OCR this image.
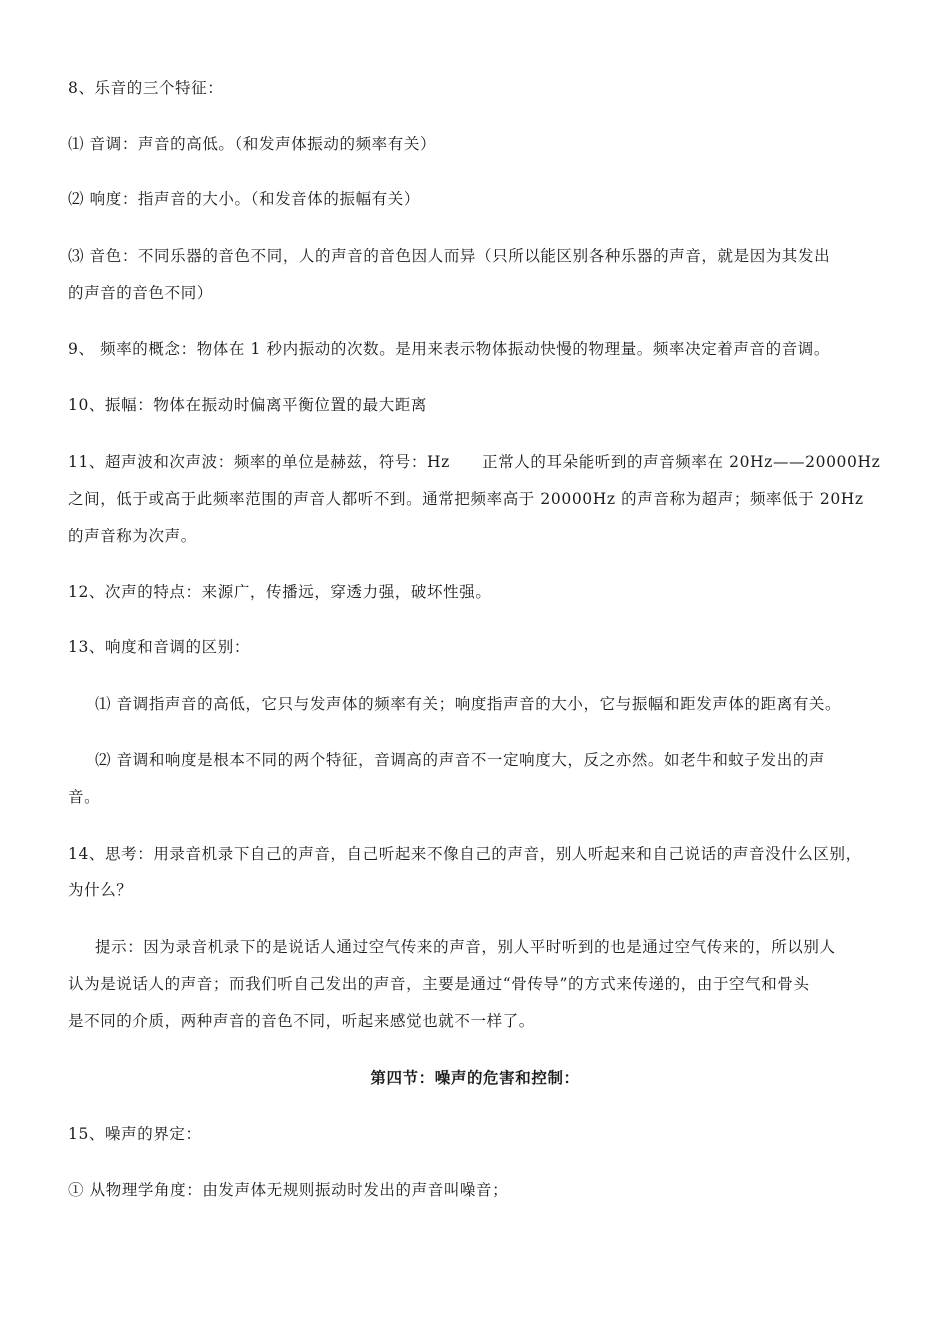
8、乐音的三个特征：
⑴ 音调：声音的高低。（和发声体振动的频率有关）
⑵ 响度：指声音的大小。（和发音体的振幅有关）
⑶ 音色：不同乐器的音色不同，人的声音的音色因人而异（只所以能区别各种乐器的声音，就是因为其发出
的声音的音色不同）
9、 频率的概念：物体在 1 秒内振动的次数。是用来表示物体振动快慢的物理量。频率决定着声音的音调。
10、振幅：物体在振动时偏离平衡位置的最大距离
11、超声波和次声波：频率的单位是赫兹，符号：Hz　　正常人的耳朵能听到的声音频率在 20Hz——20000Hz
之间，低于或高于此频率范围的声音人都听不到。通常把频率高于 20000Hz 的声音称为超声；频率低于 20Hz
的声音称为次声。
12、次声的特点：来源广，传播远，穿透力强，破坏性强。
13、响度和音调的区别：
⑴ 音调指声音的高低，它只与发声体的频率有关；响度指声音的大小，它与振幅和距发声体的距离有关。
⑵ 音调和响度是根本不同的两个特征，音调高的声音不一定响度大，反之亦然。如老牛和蚊子发出的声
音。
14、思考：用录音机录下自己的声音，自己听起来不像自己的声音，别人听起来和自己说话的声音没什么区别，
为什么？
提示：因为录音机录下的是说话人通过空气传来的声音，别人平时听到的也是通过空气传来的，所以别人
认为是说话人的声音；而我们听自己发出的声音，主要是通过“骨传导”的方式来传递的，由于空气和骨头
是不同的介质，两种声音的音色不同，听起来感觉也就不一样了。
第四节：噪声的危害和控制：
15、噪声的界定：
① 从物理学角度：由发声体无规则振动时发出的声音叫噪音；
